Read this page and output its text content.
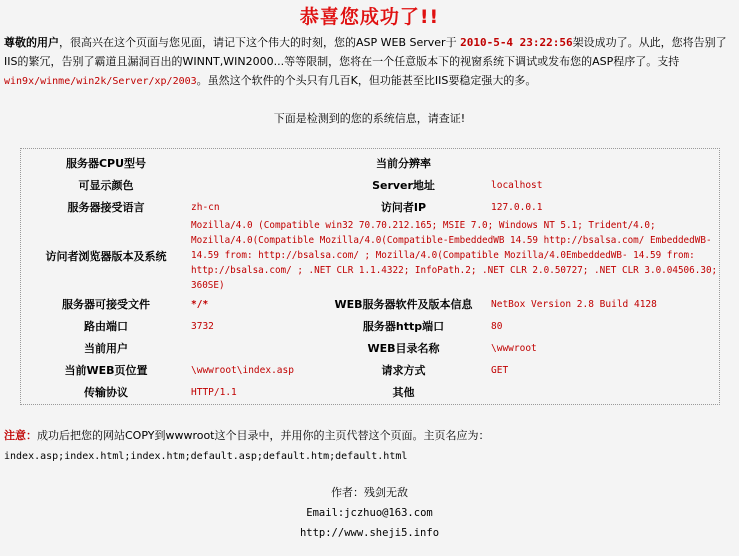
恭喜您成功了!!
尊敬的用户，很高兴在这个页面与您见面，请记下这个伟大的时刻，您的ASP WEB Server于 2010-5-4 23:22:56架设成功了。从此，您将告别了IIS的繁冗，告别了霸道且漏洞百出的WINNT,WIN2000...等等限制，您将在一个任意版本下的视窗系统下调试或发布您的ASP程序了。支持win9x/winme/win2k/Server/xp/2003。虽然这个软件的个头只有几百K，但功能甚至比IIS要稳定强大的多。
下面是检测到的您的系统信息，请查证!
服务器CPU型号		当前分辨率	
可显示颜色		Server地址	localhost
服务器接受语言	zh-cn	访问者IP	127.0.0.1
访问者浏览器版本及系统	Mozilla/4.0 (Compatible win32 70.70.212.165; MSIE 7.0; Windows NT 5.1; Trident/4.0; Mozilla/4.0(Compatible Mozilla/4.0(Compatible-EmbeddedWB 14.59 http://bsalsa.com/ EmbeddedWB- 14.59 from: http://bsalsa.com/ ; Mozilla/4.0(Compatible Mozilla/4.0EmbeddedWB- 14.59 from: http://bsalsa.com/ ; .NET CLR 1.1.4322; InfoPath.2; .NET CLR 2.0.50727; .NET CLR 3.0.04506.30; 360SE)		
服务器可接受文件	*/*	WEB服务器软件及版本信息	NetBox Version 2.8 Build 4128
路由端口	3732	服务器http端口	80
当前用户		WEB目录名称	\wwwroot
当前WEB页位置	\wwwroot\index.asp	请求方式	GET
传输协议	HTTP/1.1	其他	
注意：成功后把您的网站COPY到wwwroot这个目录中，并用你的主页代替这个页面。主页名应为：index.asp;index.html;index.htm;default.asp;default.htm;default.html
作者：残剑无敌
Email:jczhuo@163.com
http://www.sheji5.info
